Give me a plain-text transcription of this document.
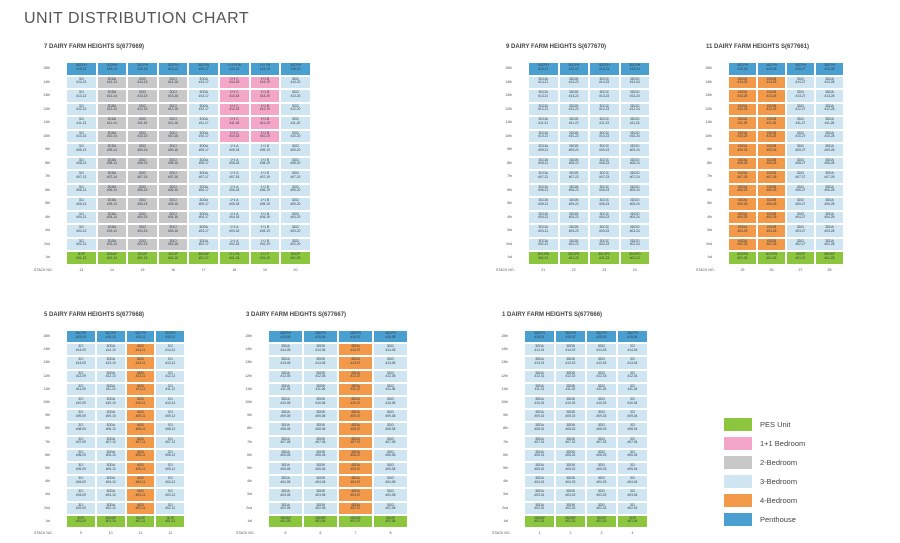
UNIT DISTRIBUTION CHART
7 DAIRY FARM HEIGHTS S(677669)
15th
14th
13th
12th
11th
10th
9th
8th
7th
6th
5th
4th
3rd
2nd
1st
3DCPH
#15-13
3CI
#14-13
3CI
#13-13
3CI
#12-13
3CI
#11-13
3CI
#10-13
3CI
#09-13
3CI
#08-13
3CI
#07-13
3CI
#06-13
3CI
#05-13
3CI
#04-13
3CI
#03-13
3CI
#02-13
3CIP
#01-13
13
2DDPH
#15-14
2DDA
#14-14
2DDA
#13-14
2DDA
#12-14
2DDA
#11-14
2DDA
#10-14
2DDA
#09-14
2DDA
#08-14
2DDA
#07-14
2DDA
#06-14
2DDA
#05-14
2DDA
#04-14
2DDA
#03-14
2DDA
#02-14
2DDAP
#01-14
14
3DCPH
#15-15
2DCI
#14-15
2DCI
#13-15
2DCI
#12-15
2DCI
#11-15
2DCI
#10-15
2DCI
#09-15
2DCI
#08-15
2DCI
#07-15
2DCI
#06-15
2DCI
#05-15
2DCI
#04-15
2DCI
#03-15
2DCI
#02-15
2DCIP
#01-15
15
3DCPH
#15-16
2DCI
#14-16
2DCI
#13-16
2DCI
#12-16
2DCI
#11-16
2DCI
#10-16
2DCI
#09-16
2DCI
#08-16
2DCI
#07-16
2DCI
#06-16
2DCI
#05-16
2DCI
#04-16
2DCI
#03-16
2DCI
#02-16
2DCIP
#01-16
16
3DCPH
#15-17
3DDA
#14-17
3DDA
#13-17
3DDA
#12-17
3DDA
#11-17
3DDA
#10-17
3DDA
#09-17
3DDA
#08-17
3DDA
#07-17
3DDA
#06-17
3DDA
#05-17
3DDA
#04-17
3DDA
#03-17
3DDA
#02-17
3DDAP
#01-17
17
1+1 PHA
#15-18
1+1 C
#14-18
1+1 C
#13-18
1+1 C
#12-18
1+1 C
#11-18
1+1 C
#10-18
1+1 A
#09-18
1+1 A
#08-18
1+1 A
#07-18
1+1 A
#06-18
1+1 A
#05-18
1+1 A
#04-18
1+1 A
#03-18
1+1 A
#02-18
1+1 PA
#01-18
18
1+1 PH
#15-19
1+1 B
#14-19
1+1 B
#13-19
1+1 B
#12-19
1+1 B
#11-19
1+1 B
#10-19
1+1 B
#09-19
1+1 B
#08-19
1+1 B
#07-19
1+1 B
#06-19
1+1 B
#05-19
1+1 B
#04-19
1+1 B
#03-19
1+1 B
#02-19
1+1 P
#01-19
19
3DCPH
#15-20
3DCI
#14-20
3DCI
#13-20
3DCI
#12-20
3DCI
#11-20
3DCI
#10-20
3DCI
#09-20
3DCI
#08-20
3DCI
#07-20
3DCI
#06-20
3DCI
#05-20
3DCI
#04-20
3DCI
#03-20
3DCI
#02-20
3DCIP
#01-20
20
STACK NO.
9 DAIRY FARM HEIGHTS S(677670)
15th
14th
13th
12th
11th
10th
9th
8th
7th
6th
5th
4th
3rd
2nd
1st
3DCPH
#15-21
3DCIA
#14-21
3DCIA
#13-21
3DCIA
#12-21
3DCIA
#11-21
3DCIA
#10-21
3DCIA
#09-21
3DCIA
#08-21
3DCIA
#07-21
3DCIA
#06-21
3DCIA
#05-21
3DCIA
#04-21
3DCIA
#03-21
3DCIA
#02-21
3DCIPA
#01-21
21
3DCPH
#15-22
3DCIB
#14-22
3DCIB
#13-22
3DCIB
#12-22
3DCIB
#11-22
3DCIB
#10-22
3DCIB
#09-22
3DCIB
#08-22
3DCIB
#07-22
3DCIB
#06-22
3DCIB
#05-22
3DCIB
#04-22
3DCIB
#03-22
3DCIB
#02-22
3DCIPB
#01-22
22
3DCPH
#15-23
3DCIC
#14-23
3DCIC
#13-23
3DCIC
#12-23
3DCIC
#11-23
3DCIC
#10-23
3DCIC
#09-23
3DCIC
#08-23
3DCIC
#07-23
3DCIC
#06-23
3DCIC
#05-23
3DCIC
#04-23
3DCIC
#03-23
3DCIC
#02-23
3DCIPC
#01-23
23
3DCPH
#15-24
3DCID
#14-24
3DCID
#13-24
3DCID
#12-24
3DCID
#11-24
3DCID
#10-24
3DCID
#09-24
3DCID
#08-24
3DCID
#07-24
3DCID
#06-24
3DCID
#05-24
3DCID
#04-24
3DCID
#03-24
3DCID
#02-24
3DCIPD
#01-24
24
STACK NO.
11 DAIRY FARM HEIGHTS S(677661)
15th
14th
13th
12th
11th
10th
9th
8th
7th
6th
5th
4th
3rd
2nd
1st
4DCPH
#15-25
4DCIA
#14-25
4DCIA
#13-25
4DCIA
#12-25
4DCIA
#11-25
4DCIA
#10-25
4DCIA
#09-25
4DCIA
#08-25
4DCIA
#07-25
4DCIA
#06-25
4DCIA
#05-25
4DCIA
#04-25
4DCIA
#03-25
4DCIA
#02-25
4DCIPA
#01-25
25
4DCPH
#15-26
4DCIB
#14-26
4DCIB
#13-26
4DCIB
#12-26
4DCIB
#11-26
4DCIB
#10-26
4DCIB
#09-26
4DCIB
#08-26
4DCIB
#07-26
4DCIB
#06-26
4DCIB
#05-26
4DCIB
#04-26
4DCIB
#03-26
4DCIB
#02-26
4DCIPB
#01-26
26
3DCPH
#15-27
3DCI
#14-27
3DCI
#13-27
3DCI
#12-27
3DCI
#11-27
3DCI
#10-27
3DCI
#09-27
3DCI
#08-27
3DCI
#07-27
3DCI
#06-27
3DCI
#05-27
3DCI
#04-27
3DCI
#03-27
3DCI
#02-27
3DCIP
#01-27
27
3DCPH
#15-28
3DDA
#14-28
3DDA
#13-28
3DDA
#12-28
3DDA
#11-28
3DDA
#10-28
3DDA
#09-28
3DDA
#08-28
3DDA
#07-28
3DDA
#06-28
3DDA
#05-28
3DDA
#04-28
3DDA
#03-28
3DDA
#02-28
3DDAP
#01-28
28
STACK NO.
5 DAIRY FARM HEIGHTS S(677668)
15th
14th
13th
12th
11th
10th
9th
8th
7th
6th
5th
4th
3rd
2nd
1st
3DCPH
#15-09
3CI
#14-09
3CI
#13-09
3CI
#12-09
3CI
#11-09
3CI
#10-09
3CI
#09-09
3CI
#08-09
3CI
#07-09
3CI
#06-09
3CI
#05-09
3CI
#04-09
3CI
#03-09
3CI
#02-09
3CIP
#01-09
9
3DCPH
#15-10
3DDA
#14-10
3DDA
#13-10
3DDA
#12-10
3DDA
#11-10
3DDA
#10-10
3DDA
#09-10
3DDA
#08-10
3DDA
#07-10
3DDA
#06-10
3DDA
#05-10
3DDA
#04-10
3DDA
#03-10
3DDA
#02-10
3DDAP
#01-10
10
4DCPH
#15-11
4DCI
#14-11
4DCI
#13-11
4DCI
#12-11
4DCI
#11-11
4DCI
#10-11
4DCI
#09-11
4DCI
#08-11
4DCI
#07-11
4DCI
#06-11
4DCI
#05-11
4DCI
#04-11
4DCI
#03-11
4DCI
#02-11
4DCIP
#01-11
11
3DCPH
#15-12
3CI
#14-12
3CI
#13-12
3CI
#12-12
3CI
#11-12
3CI
#10-12
3CI
#09-12
3CI
#08-12
3CI
#07-12
3CI
#06-12
3CI
#05-12
3CI
#04-12
3CI
#03-12
3CI
#02-12
3CIP
#01-12
12
STACK NO.
3 DAIRY FARM HEIGHTS S(677667)
15th
14th
13th
12th
11th
10th
9th
8th
7th
6th
5th
4th
3rd
2nd
1st
3DDPH
#15-05
3DDA
#14-05
3DDA
#13-05
3DDA
#12-05
3DDA
#11-05
3DDA
#10-05
3DDA
#09-05
3DDA
#08-05
3DDA
#07-05
3DDA
#06-05
3DDA
#05-05
3DDA
#04-05
3DDA
#03-05
3DDA
#02-05
3DDAP
#01-05
5
3DDPH
#15-06
3DDB
#14-06
3DDB
#13-06
3DDB
#12-06
3DDB
#11-06
3DDB
#10-06
3DDB
#09-06
3DDB
#08-06
3DDB
#07-06
3DDB
#06-06
3DDB
#05-06
3DDB
#04-06
3DDB
#03-06
3DDB
#02-06
3DDBP
#01-06
6
4DDPH
#15-07
4DDA
#14-07
4DDA
#13-07
4DDA
#12-07
4DDA
#11-07
4DDA
#10-07
4DDA
#09-07
4DDA
#08-07
4DDA
#07-07
4DDA
#06-07
4DDA
#05-07
4DDA
#04-07
4DDA
#03-07
4DDA
#02-07
4DDAP
#01-07
7
3DCPH
#15-08
3DCI
#14-08
3DCI
#13-08
3DCI
#12-08
3DCI
#11-08
3DCI
#10-08
3DCI
#09-08
3DCI
#08-08
3DCI
#07-08
3DCI
#06-08
3DCI
#05-08
3DCI
#04-08
3DCI
#03-08
3DCI
#02-08
3DCIP
#01-08
8
STACK NO.
1 DAIRY FARM HEIGHTS S(677666)
15th
14th
13th
12th
11th
10th
9th
8th
7th
6th
5th
4th
3rd
2nd
1st
3DDPH
#15-01
3DDA
#14-01
3DDA
#13-01
3DDA
#12-01
3DDA
#11-01
3DDA
#10-01
3DDA
#09-01
3DDA
#08-01
3DDA
#07-01
3DDA
#06-01
3DDA
#05-01
3DDA
#04-01
3DDA
#03-01
3DDA
#02-01
3DDAP
#01-01
1
3DDPH
#15-02
3DDB
#14-02
3DDB
#13-02
3DDB
#12-02
3DDB
#11-02
3DDB
#10-02
3DDB
#09-02
3DDB
#08-02
3DDB
#07-02
3DDB
#06-02
3DDB
#05-02
3DDB
#04-02
3DDB
#03-02
3DDB
#02-02
3DDBP
#01-02
2
3DCPH
#15-03
3DCI
#14-03
3DCI
#13-03
3DCI
#12-03
3DCI
#11-03
3DCI
#10-03
3DCI
#09-03
3DCI
#08-03
3DCI
#07-03
3DCI
#06-03
3DCI
#05-03
3DCI
#04-03
3DCI
#03-03
3DCI
#02-03
3DCIP
#01-03
3
3DCPH
#15-04
3CI
#14-04
3CI
#13-04
3CI
#12-04
3CI
#11-04
3CI
#10-04
3CI
#09-04
3CI
#08-04
3CI
#07-04
3CI
#06-04
3CI
#05-04
3CI
#04-04
3CI
#03-04
3CI
#02-04
3CIP
#01-04
4
STACK NO.
PES Unit
1+1 Bedroom
2-Bedroom
3-Bedroom
4-Bedroom
Penthouse
